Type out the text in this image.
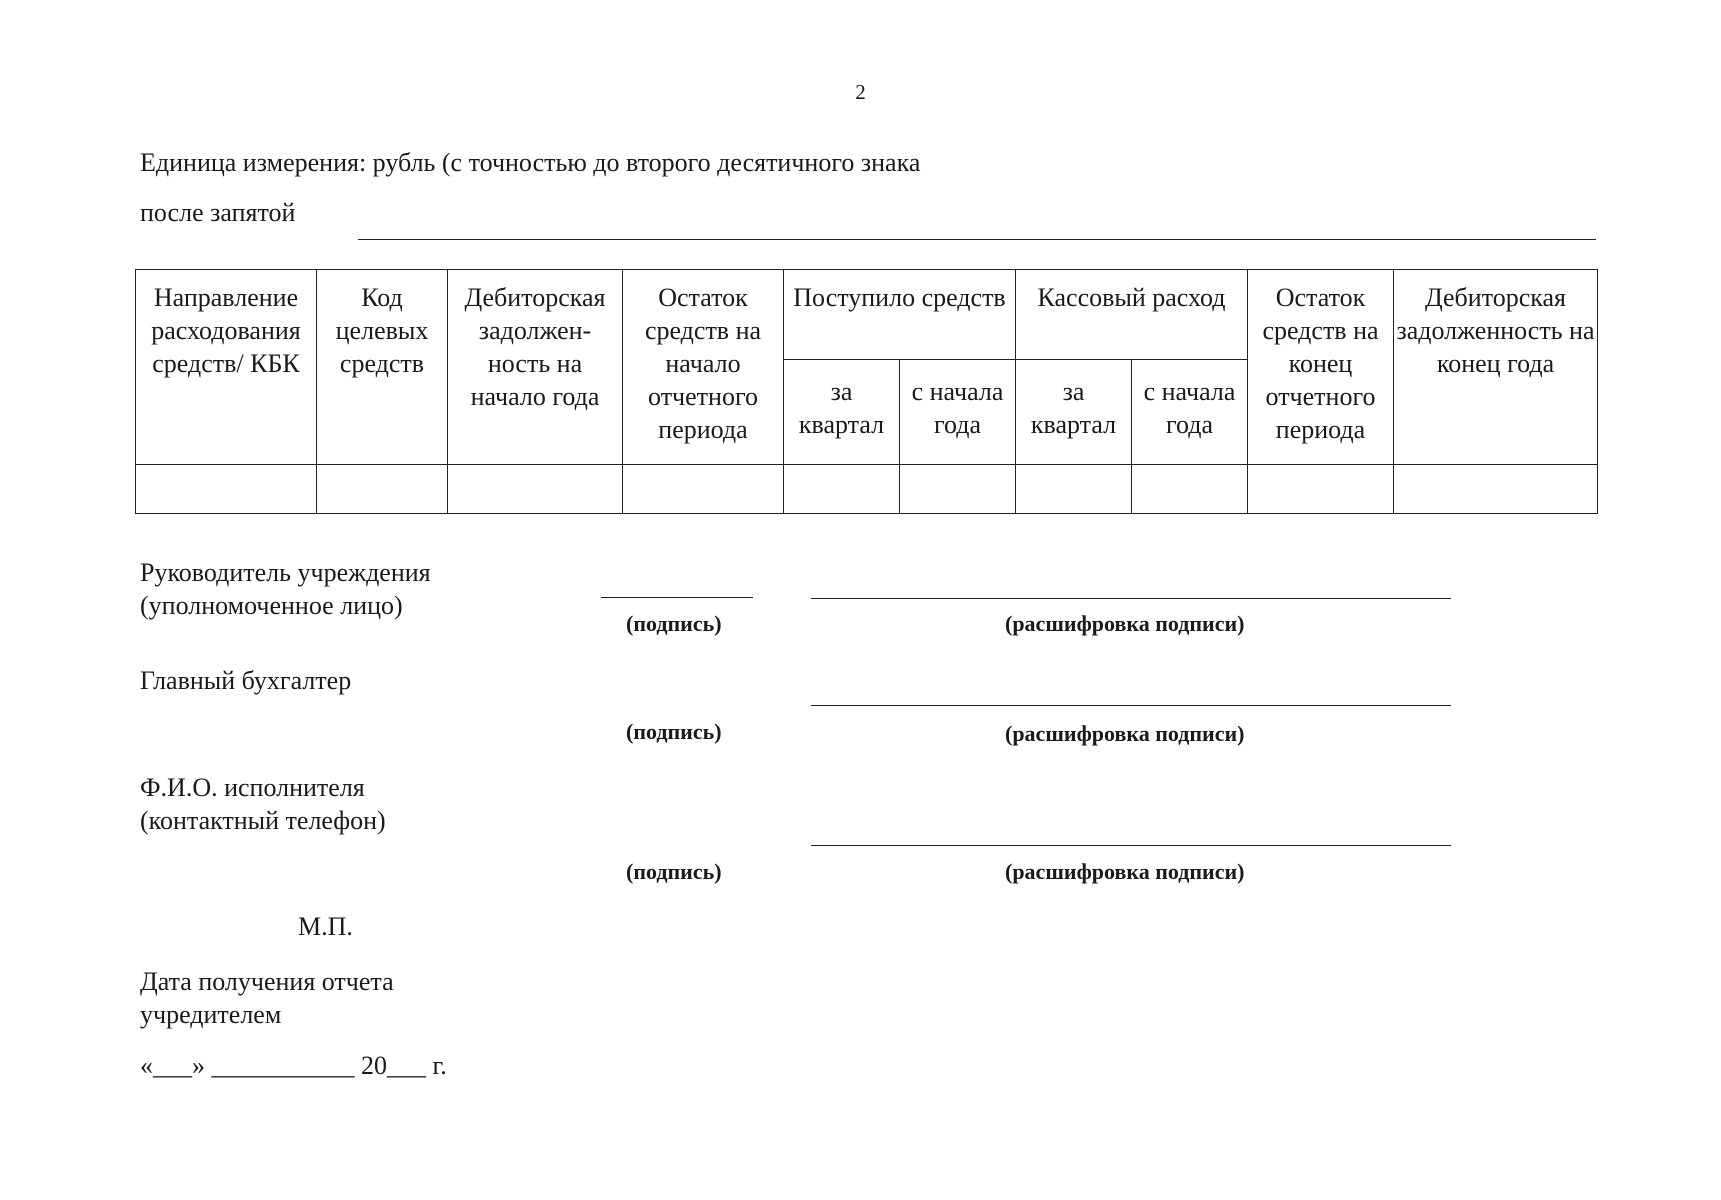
2
Единица измерения: рубль (с точностью до второго десятичного знака
после запятой
Направление расходования средств/ КБК	Код целевых средств	Дебиторская задолжен- ность на начало года	Остаток средств на начало отчетного периода	Поступило средств		Кассовый расход		Остаток средств на конец отчетного периода	Дебиторская задолженность на конец года
				за квартал	с начала года	за квартал	с начала года		

Руководитель учреждения (уполномоченное лицо)
(подпись)	(расшифровка подписи)
Главный бухгалтер
(подпись)	(расшифровка подписи)
Ф.И.О. исполнителя (контактный телефон)
(подпись)	(расшифровка подписи)
М.П.
Дата получения отчета учредителем
«___» ___________ 20___ г.
